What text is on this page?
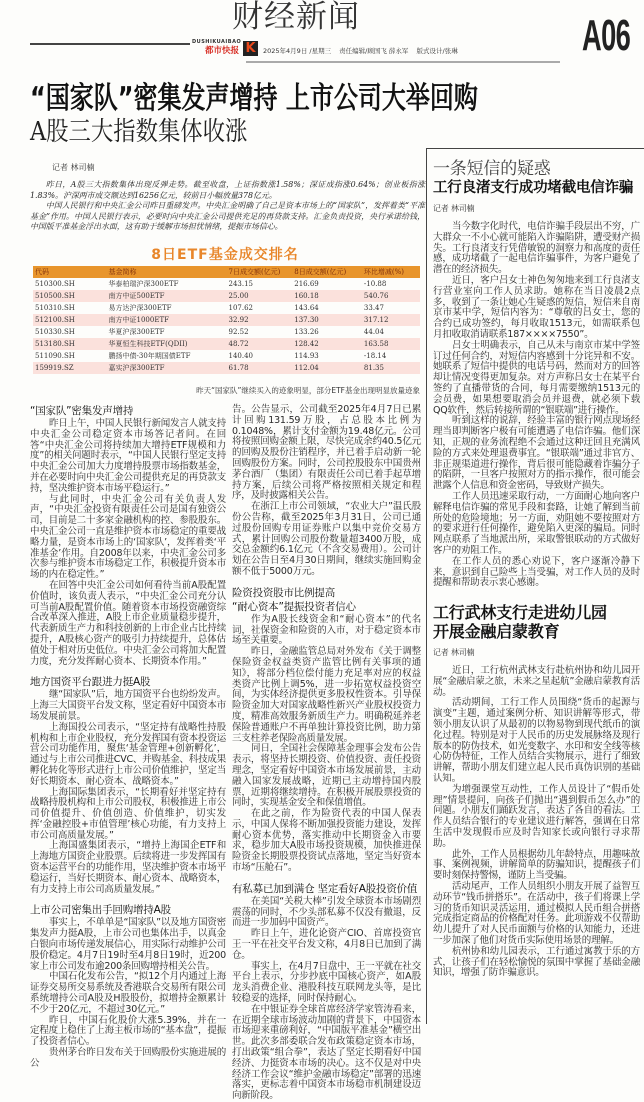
财经新闻
DUSHIKUAIBAO
都市快报 K	2025年4月9日 /星期三 责任编辑/顾国飞 薛永军 版式设计/张琳	A06
“国家队”密集发声增持 上市公司大举回购
A股三大指数集体收涨
记者 林司楠

昨日，A股三大指数集体出现反弹走势。截至收盘，上证指数涨1.58%；深证成指涨0.64%；创业板指涨1.83%。沪深两市成交额达到16256亿元，较前日小幅放量378亿元。

中国人民银行和中央汇金公司昨日重磅发声。中央汇金明确了自己是资本市场上的“国家队”，发挥着类“平准基金”作用。中国人民银行表示，必要时向中央汇金公司提供充足的再贷款支持。汇金负责投资，央行承诺给钱，中国版平准基金浮出水面，这有助于缓解市场担忧情绪，提振市场信心。

8日ETF基金成交排名
代码	基金简称	7日成交额(亿元)	8日成交额(亿元)	环比增减(%)
510300.SH	华泰柏瑞沪深300ETF	243.15	216.69	-10.88
510500.SH	南方中证500ETF	25.00	160.18	540.76
510310.SH	易方达沪深300ETF	107.62	143.64	33.47
512100.SH	南方中证1000ETF	32.92	137.30	317.12
510330.SH	华夏沪深300ETF	92.52	133.26	44.04
513180.SH	华夏恒生科技ETF(QDII)	48.72	128.42	163.58
511090.SH	鹏扬中债-30年期国债ETF	140.40	114.93	-18.14
159919.SZ	嘉实沪深300ETF	61.78	112.04	81.35
昨天“国家队”继续买入的迹象明显，部分ETF基金出现明显放量迹象
“国家队”密集发声增持

昨日上午，中国人民银行新闻发言人就支持中央汇金公司稳定资本市场答记者问。在回答“中央汇金公司将持续加大增持ETF规模和力度”的相关问题时表示，“中国人民银行坚定支持中央汇金公司加大力度增持股票市场指数基金，并在必要时向中央汇金公司提供充足的再贷款支持，坚决维护资本市场平稳运行。”

与此同时，中央汇金公司有关负责人发声，“中央汇金投资有限责任公司是国有独资公司，目前是二十多家金融机构的控、参股股东。中央汇金公司一直是维护资本市场稳定的重要战略力量，是资本市场上的‘国家队’，发挥着类‘平准基金’作用。自2008年以来，中央汇金公司多次参与维护资本市场稳定工作，积极提升资本市场的内在稳定性。”

在回答中央汇金公司如何看待当前A股配置价值时，该负责人表示，“中央汇金公司充分认可当前A股配置价值。随着资本市场投资融资综合改革深入推进，A股上市企业质量稳步提升，代表新质生产力和科技创新的上市企业占比持续提升，A股核心资产的吸引力持续提升，总体估值处于相对历史低位。中央汇金公司将加大配置力度，充分发挥耐心资本、长期资本作用。”

地方国资平台跟进力挺A股

继“国家队”后，地方国资平台也纷纷发声。上海三大国资平台发文称，坚定看好中国资本市场发展前景。

上海国投公司表示，“坚定持有战略性持股机构和上市企业股权，充分发挥国有资本投资运营公司功能作用，聚焦‘基金管理+创新孵化’，通过与上市公司推进CVC、并购基金、科技成果孵化转化等形式进行上市公司价值维护，坚定当好长期资本、耐心资本、战略资本。”

上海国际集团表示，“长期看好并坚定持有战略持股机构和上市公司股权，积极推进上市公司价值提升、价值创造、价值维护，切实发挥‘金融控股+市值管理’核心功能，有力支持上市公司高质量发展。”

上海国盛集团表示，“增持上海国企ETF和上海地方国资企业股票。后续将进一步发挥国有资本运营平台的功能作用，坚决维护资本市场平稳运行，当好长期资本、耐心资本、战略资本，有力支持上市公司高质量发展。”

上市公司密集出手回购增持A股

事实上，不单单是“国家队”以及地方国资密集发声力挺A股，上市公司也集体出手，以真金白银向市场传递发展信心，用实际行动维护公司股价稳定。4月7日19时至4月8日19时，近200家上市公司发布逾200条回购增持相关公告。

中国石化发布公告，“拟12个月内通过上海证券交易所交易系统及香港联合交易所有限公司系统增持公司A股及H股股份，拟增持金额累计不少于20亿元，不超过30亿元。”

昨日，中国石化股价大涨5.39%，并在一定程度上稳住了上海主板市场的“基本盘”，提振了投资者信心。

贵州茅台昨日发布关于回购股份实施进展的公

告。公告显示，公司截至2025年4月7日已累计回购131.59万股，占总股本比例为0.1048%，累计支付金额为19.48亿元。公司将按照回购金额上限，尽快完成余约40.5亿元的回购及股份注销程序，并已着手启动新一轮回购股份方案。同时，公司控股股东中国贵州茅台酒厂（集团）有限责任公司已着手起草增持方案，后续公司将严格按照相关规定和程序，及时披露相关公告。

在浙江上市公司领域，“农业大户”温氏股份公告称，截至2025年3月31日，公司已通过股份回购专用证券账户以集中竞价交易方式，累计回购公司股份数量超3400万股，成交总金额约6.1亿元（不含交易费用）。公司计划在公告日至4月30日期间，继续实施回购金额不低于5000万元。

险资投资股市比例提高
“耐心资本”提振投资者信心

作为A股长线资金和“耐心资本”的代名词，社保资金和险资的入市，对于稳定资本市场至关重要。

昨日，金融监管总局对外发布《关于调整保险资金权益类资产监管比例有关事项的通知》，将部分档位偿付能力充足率对应的权益类资产比例上调5%，进一步拓宽权益投资空间，为实体经济提供更多股权性资本。引导保险资金加大对国家战略性新兴产业股权投资力度，精准高效服务新质生产力。明确税延养老保险普通账户不再单独计算投资比例，助力第三支柱养老保险高质量发展。

同日，全国社会保障基金理事会发布公告表示，将坚持长期投资、价值投资、责任投资理念，坚定看好中国资本市场发展前景，主动融入国家发展战略，近期已主动增持国内股票，近期将继续增持。在积极开展股票投资的同时，实现基金安全和保值增值。

在此之前，作为险资代表的中国人保表示，中国人保将不断加强投资能力建设，发挥耐心资本优势，落实推动中长期资金入市要求，稳步加大A股市场投资规模，加快推进保险资金长期股票投资试点落地，坚定当好资本市场“压舱石”。

有私募已加到满仓 坚定看好A股投资价值

在美国“关税大棒”引发全球资本市场剧烈震荡的同时，不少头部私募不仅没有撤退，反而进一步加码中国资产。

昨日上午，进化论资产CIO、首席投资官王一平在社交平台发文称，4月8日已加到了满仓。

事实上，在4月7日盘中，王一平就在社交平台上表示，分步抄底中国核心资产，如A股龙头消费企业、港股科技互联网龙头等，是比较稳妥的选择，同时保持耐心。

在中银证券全球首席经济学家管涛看来，在近期全球市场波动加剧的背景下，中国资本市场迎来重磅利好，“中国版平准基金”横空出世。此次多部委联合发布政策稳定资本市场，打出政策“组合拳”，表达了坚定长期看好中国经济、力挺资本市场的决心。这不仅是对中央经济工作会议“维护金融市场稳定”部署的迅速落实，更标志着中国资本市场稳市机制建设迈向新阶段。

一条短信的疑惑
工行良渚支行成功堵截电信诈骗

记者 林司楠

当今数字化时代，电信诈骗手段层出不穷，广大群众一不小心就可能陷入诈骗陷阱，遭受财产损失。工行良渚支行凭借敏锐的洞察力和高度的责任感，成功堵截了一起电信诈骗事件，为客户避免了潜在的经济损失。

近日，客户吕女士神色匆匆地来到工行良渚支行营业室向工作人员求助。她称在当日凌晨2点多，收到了一条让她心生疑惑的短信，短信来自南京市某中学，短信内容为：“尊敬的吕女士，您的合约已成功签约，每月收取1513元，如需联系包月扣收取消请联系187××××7550”。

吕女士明确表示，自己从未与南京市某中学签订过任何合约，对短信内容感到十分诧异和不安。她联系了短信中提供的电话号码，然而对方的回答却让情况变得更加复杂。对方声称吕女士在某平台签约了直播带货的合同，每月需要缴纳1513元的会员费，如果想要取消会员并退费，就必须下载QQ软件，然后转接所谓的“银联端”进行操作。

听到这样的说辞，经验丰富的银行网点现场经理当即判断客户极有可能遭遇了电信诈骗。他们深知，正规的业务流程绝不会通过这种迂回且充满风险的方式来处理退费事宜。“银联端”通过非官方、非正规渠道进行操作，背后很可能隐藏着诈骗分子的陷阱，一旦客户按照对方的指示操作，很可能会泄露个人信息和资金密码，导致财产损失。

工作人员迅速采取行动，一方面耐心地向客户解释电信诈骗的常见手段和套路，让她了解到当前所处的危险境地；另一方面，劝阻她不要按照对方的要求进行任何操作，避免陷入更深的骗局。同时网点联系了当地派出所，采取警银联动的方式做好客户的劝阻工作。

在工作人员的悉心劝说下，客户逐渐冷静下来，意识到自己险些上当受骗，对工作人员的及时提醒和帮助表示衷心感谢。

工行武林支行走进幼儿园
开展金融启蒙教育

记者 林司楠

近日，工行杭州武林支行赴杭州协和幼儿园开展“金融启蒙之旅，未来之星起航”金融启蒙教育活动。

活动期间，工行工作人员围绕“货币的起源与演变”主题，通过案例分析、知识讲解等形式，带领小朋友认识了从最初的以物易物到现代纸币的演化过程。特别是对于人民币的历史发展脉络及现行版本的防伪技术，如光变数字、水印和安全线等核心防伪特征，工作人员结合实物展示，进行了细致讲解，帮助小朋友们建立起人民币真伪识别的基础认知。

为增强课堂互动性，工作人员设计了“假币处理”情景提问，向孩子们抛出“遇到假币怎么办”的问题。小朋友们踊跃发言，表达了各自的看法。工作人员结合银行的专业建议进行解答，强调在日常生活中发现假币应及时告知家长或向银行寻求帮助。

此外，工作人员根据幼儿年龄特点，用趣味故事、案例视频，讲解简单的防骗知识，提醒孩子们要时刻保持警惕，谨防上当受骗。

活动尾声，工作人员组织小朋友开展了益智互动环节“钱币拼搭乐”。在活动中，孩子们将课上学习的货币知识灵活运用，通过模拟人民币组合拼搭完成指定商品的价格配对任务。此项游戏不仅帮助幼儿提升了对人民币面额与价格的认知能力，还进一步加深了他们对货币实际使用场景的理解。

杭州协和幼儿园表示，工行通过寓教于乐的方式，让孩子们在轻松愉悦的氛围中掌握了基础金融知识，增强了防诈骗意识。
